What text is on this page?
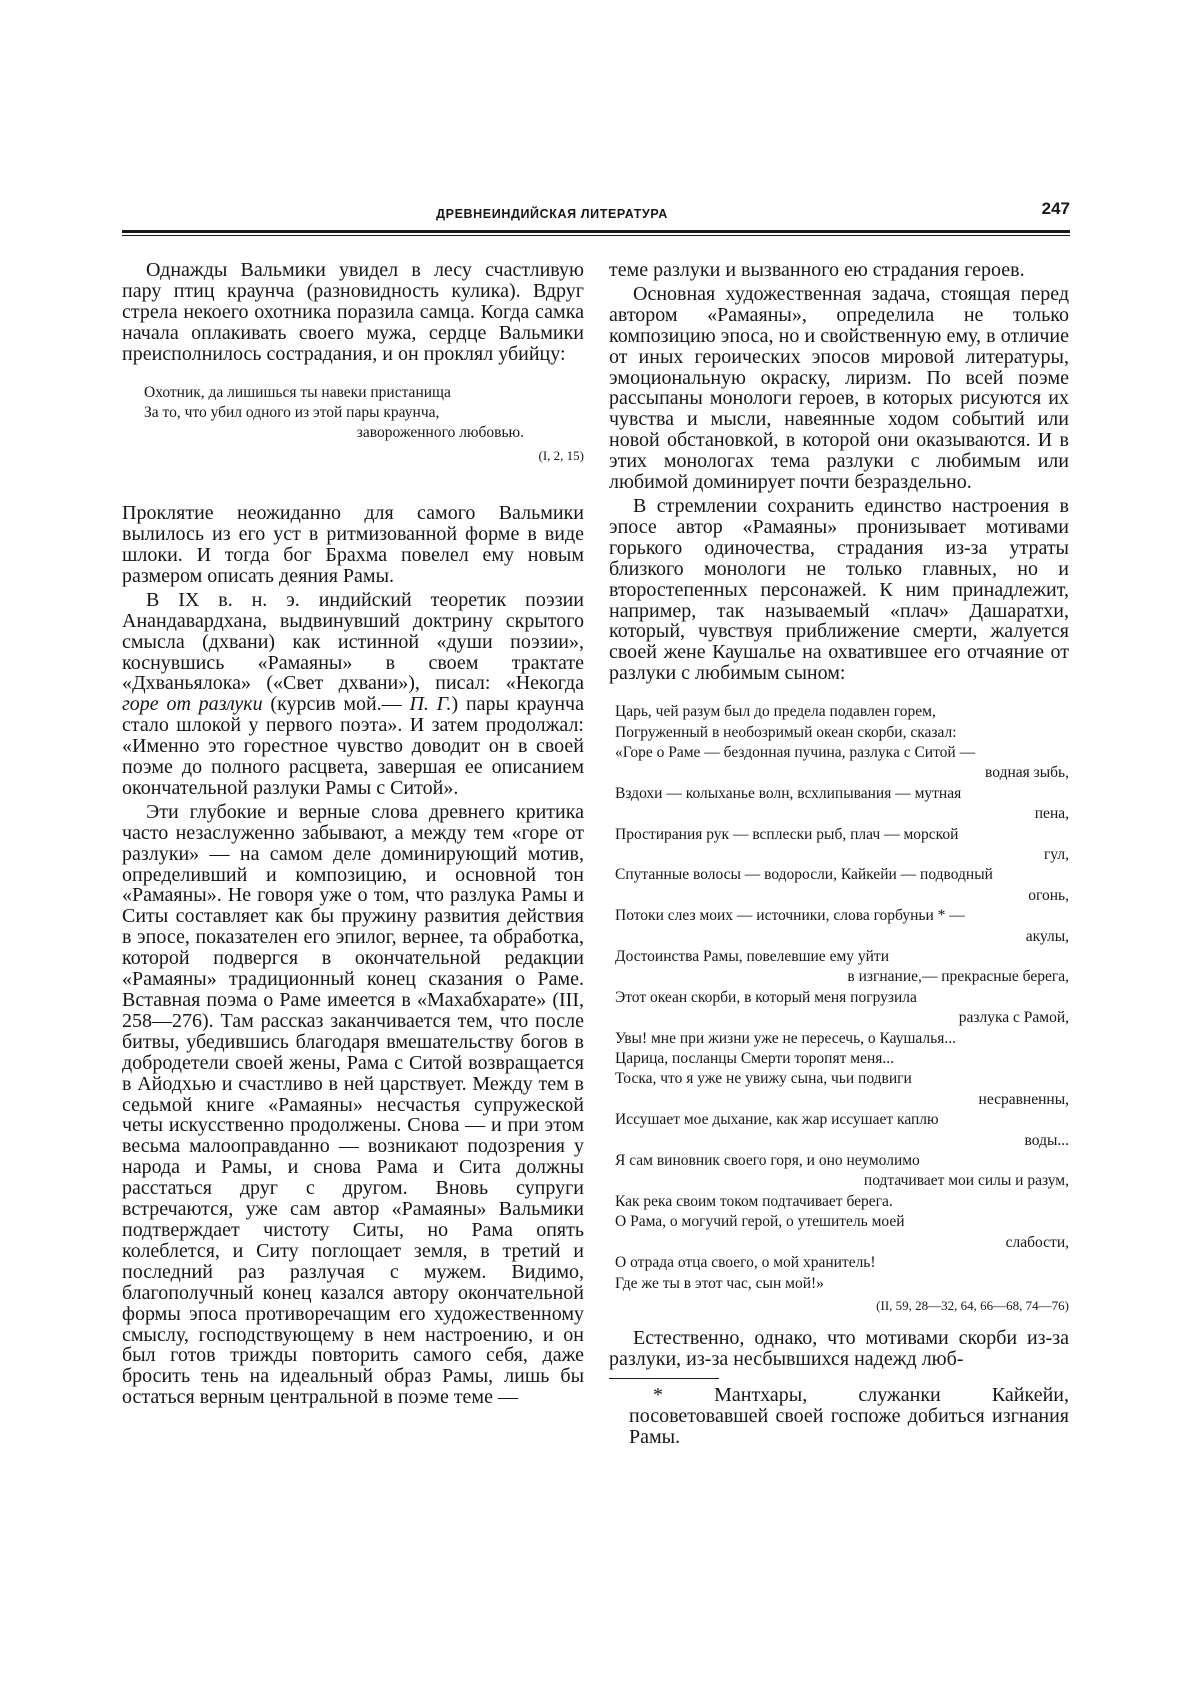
ДРЕВНЕИНДИЙСКАЯ ЛИТЕРАТУРА	247

Однажды Вальмики увидел в лесу счастливую пару птиц краунча (разновидность кулика). Вдруг стрела некоего охотника поразила самца. Когда самка начала оплакивать своего мужа, сердце Вальмики преисполнилось сострадания, и он проклял убийцу:

Охотник, да лишишься ты навеки пристанища
За то, что убил одного из этой пары краунча,
завороженного любовью.
(I, 2, 15)

Проклятие неожиданно для самого Вальмики вылилось из его уст в ритмизованной форме в виде шлоки. И тогда бог Брахма повелел ему новым размером описать деяния Рамы.

В IX в. н. э. индийский теоретик поэзии Анандавардхана, выдвинувший доктрину скрытого смысла (дхвани) как истинной «души поэзии», коснувшись «Рамаяны» в своем трактате «Дхваньялока» («Свет дхвани»), писал: «Некогда горе от разлуки (курсив мой.— П. Г.) пары краунча стало шлокой у первого поэта». И затем продолжал: «Именно это горестное чувство доводит он в своей поэме до полного расцвета, завершая ее описанием окончательной разлуки Рамы с Ситой».

Эти глубокие и верные слова древнего критика часто незаслуженно забывают, а между тем «горе от разлуки» — на самом деле доминирующий мотив, определивший и композицию, и основной тон «Рамаяны». Не говоря уже о том, что разлука Рамы и Ситы составляет как бы пружину развития действия в эпосе, показателен его эпилог, вернее, та обработка, которой подвергся в окончательной редакции «Рамаяны» традиционный конец сказания о Раме. Вставная поэма о Раме имеется в «Махабхарате» (III, 258—276). Там рассказ заканчивается тем, что после битвы, убедившись благодаря вмешательству богов в добродетели своей жены, Рама с Ситой возвращается в Айодхью и счастливо в ней царствует. Между тем в седьмой книге «Рамаяны» несчастья супружеской четы искусственно продолжены. Снова — и при этом весьма малооправданно — возникают подозрения у народа и Рамы, и снова Рама и Сита должны расстаться друг с другом. Вновь супруги встречаются, уже сам автор «Рамаяны» Вальмики подтверждает чистоту Ситы, но Рама опять колеблется, и Ситу поглощает земля, в третий и последний раз разлучая с мужем. Видимо, благополучный конец казался автору окончательной формы эпоса противоречащим его художественному смыслу, господствующему в нем настроению, и он был готов трижды повторить самого себя, даже бросить тень на идеальный образ Рамы, лишь бы остаться верным центральной в поэме теме —

теме разлуки и вызванного ею страдания героев.

Основная художественная задача, стоящая перед автором «Рамаяны», определила не только композицию эпоса, но и свойственную ему, в отличие от иных героических эпосов мировой литературы, эмоциональную окраску, лиризм. По всей поэме рассыпаны монологи героев, в которых рисуются их чувства и мысли, навеянные ходом событий или новой обстановкой, в которой они оказываются. И в этих монологах тема разлуки с любимым или любимой доминирует почти безраздельно.

В стремлении сохранить единство настроения в эпосе автор «Рамаяны» пронизывает мотивами горького одиночества, страдания из-за утраты близкого монологи не только главных, но и второстепенных персонажей. К ним принадлежит, например, так называемый «плач» Дашаратхи, который, чувствуя приближение смерти, жалуется своей жене Каушалье на охватившее его отчаяние от разлуки с любимым сыном:

Царь, чей разум был до предела подавлен горем,
Погруженный в необозримый океан скорби, сказал:
«Горе о Раме — бездонная пучина, разлука с Ситой —
водная зыбь,
Вздохи — колыханье волн, всхлипывания — мутная
пена,
Простирания рук — всплески рыб, плач — морской
гул,
Спутанные волосы — водоросли, Кайкейи — подводный
огонь,
Потоки слез моих — источники, слова горбуньи * —
акулы,
Достоинства Рамы, повелевшие ему уйти
в изгнание,— прекрасные берега,
Этот океан скорби, в который меня погрузила
разлука с Рамой,
Увы! мне при жизни уже не пересечь, о Каушалья...
Царица, посланцы Смерти торопят меня...
Тоска, что я уже не увижу сына, чьи подвиги
несравненны,
Иссушает мое дыхание, как жар иссушает каплю
воды...
Я сам виновник своего горя, и оно неумолимо
подтачивает мои силы и разум,
Как река своим током подтачивает берега.
О Рама, о могучий герой, о утешитель моей
слабости,
О отрада отца своего, о мой хранитель!
Где же ты в этот час, сын мой!»
(II, 59, 28—32, 64, 66—68, 74—76)

Естественно, однако, что мотивами скорби из-за разлуки, из-за несбывшихся надежд люб-

* Мантхары, служанки Кайкейи, посоветовавшей своей госпоже добиться изгнания Рамы.
